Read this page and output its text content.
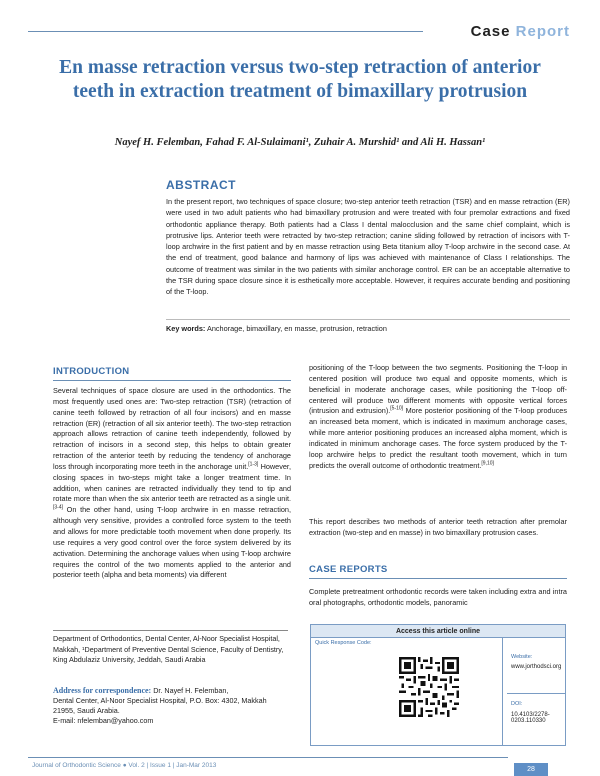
Case Report
En masse retraction versus two-step retraction of anterior teeth in extraction treatment of bimaxillary protrusion
Nayef H. Felemban, Fahad F. Al-Sulaimani¹, Zuhair A. Murshid¹ and Ali H. Hassan¹
ABSTRACT

In the present report, two techniques of space closure; two-step anterior teeth retraction (TSR) and en masse retraction (ER) were used in two adult patients who had bimaxillary protrusion and were treated with four premolar extractions and fixed orthodontic appliance therapy. Both patients had a Class I dental malocclusion and the same chief complaint, which is protrusive lips. Anterior teeth were retracted by two-step retraction; canine sliding followed by retraction of incisors with T-loop archwire in the first patient and by en masse retraction using Beta titanium alloy T-loop archwire in the second case. At the end of treatment, good balance and harmony of lips was achieved with maintenance of Class I relationships. The outcome of treatment was similar in the two patients with similar anchorage control. ER can be an acceptable alternative to the TSR during space closure since it is esthetically more acceptable. However, it requires accurate bending and positioning of the T-loop.

Key words: Anchorage, bimaxillary, en masse, protrusion, retraction
INTRODUCTION

Several techniques of space closure are used in the orthodontics. The most frequently used ones are: Two-step retraction (TSR) (retraction of canine teeth followed by retraction of all four incisors) and en masse retraction (ER) (retraction of all six anterior teeth). The two-step retraction approach allows retraction of canine teeth independently, followed by retraction of incisors in a second step, this helps to obtain greater retraction of the anterior teeth by reducing the tendency of anchorage loss through incorporating more teeth in the anchorage unit.[1-3] However, closing spaces in two-steps might take a longer treatment time. In addition, when canines are retracted individually they tend to tip and rotate more than when the six anterior teeth are retracted as a single unit.[3-4] On the other hand, using T-loop archwire in en masse retraction, although very sensitive, provides a controlled force system to the teeth and allows for more predictable tooth movement when done properly. Its use requires a very good control over the force system delivered by its activation. Determining the anchorage values when using T-loop archwire requires the control of the two moments applied to the anterior and posterior teeth (alpha and beta moments) via different

Department of Orthodontics, Dental Center, Al-Noor Specialist Hospital, Makkah, ¹Department of Preventive Dental Science, Faculty of Dentistry, King Abdulaziz University, Jeddah, Saudi Arabia

Address for correspondence: Dr. Nayef H. Felemban,
Dental Center, Al-Noor Specialist Hospital, P.O. Box: 4302, Makkah 21955, Saudi Arabia.
E-mail: nfelemban@yahoo.com

positioning of the T-loop between the two segments. Positioning the T-loop in centered position will produce two equal and opposite moments, which is beneficial in moderate anchorage cases, while positioning the T-loop off-centered will produce two different moments with opposite vertical forces (intrusion and extrusion).[5-10] More posterior positioning of the T-loop produces an increased beta moment, which is indicated in maximum anchorage cases, while more anterior positioning produces an increased alpha moment, which is indicated in minimum anchorage cases. The force system produced by the T-loop archwire helps to predict the resultant tooth movement, which in turn predicts the overall outcome of orthodontic treatment.[9,10]

This report describes two methods of anterior teeth retraction after premolar extraction (two-step and en masse) in two bimaxillary protrusion cases.

CASE REPORTS

Complete pretreatment orthodontic records were taken including extra and intra oral photographs, orthodontic models, panoramic

Access this article online
Quick Response Code:
Website:
www.jorthodsci.org
DOI:
10.4103/2278-0203.110330
Journal of Orthodontic Science ● Vol. 2 | Issue 1 | Jan-Mar 2013
28
